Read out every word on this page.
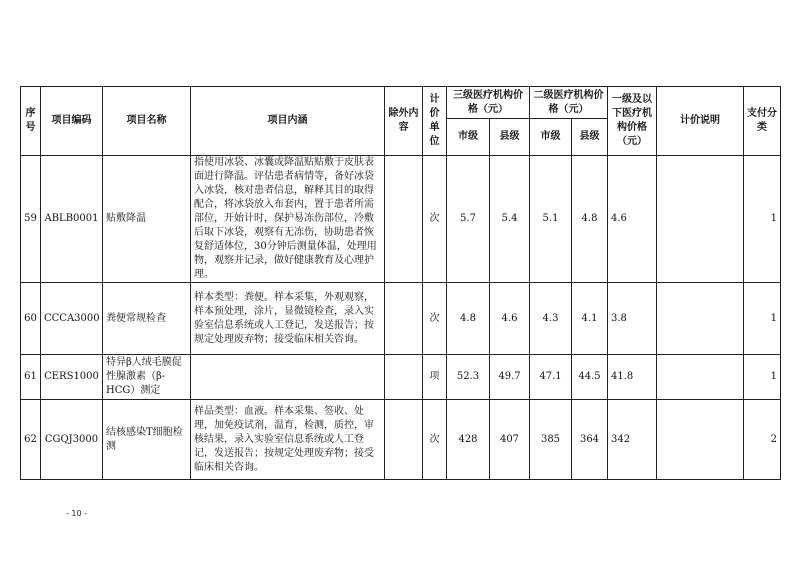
序号	项目编码	项目名称	项目内涵	除外内容	计价单位	三级医疗机构价格（元）		二级医疗机构价格（元）		一级及以下医疗机构价格（元）	计价说明	支付分类
						市级	县级	市级	县级			
59	ABLB0001	贴敷降温	指使用冰袋、冰囊或降温贴贴敷于皮肤表面进行降温。评估患者病情等，备好冰袋入冰袋，核对患者信息，解释其目的取得配合，将冰袋放入布套内，置于患者所需部位，开始计时，保护易冻伤部位，冷敷后取下冰袋，观察有无冻伤，协助患者恢复舒适体位，30分钟后测量体温，处理用物，观察并记录，做好健康教育及心理护理。		次	5.7	5.4	5.1	4.8	4.6		1
60	CCCA3000	粪便常规检查	样本类型：粪便。样本采集，外观观察，样本预处理，涂片，显微镜检查，录入实验室信息系统或人工登记，发送报告；按规定处理废弃物；接受临床相关咨询。		次	4.8	4.6	4.3	4.1	3.8		1
61	CERS1000	特异β人绒毛膜促性腺激素（β-HCG）测定			项	52.3	49.7	47.1	44.5	41.8		1
62	CGQJ3000	结核感染T细胞检测	样品类型：血液。样本采集、签收、处理，加免疫试剂，温育，检测，质控，审核结果，录入实验室信息系统或人工登记，发送报告；按规定处理废弃物；接受临床相关咨询。		次	428	407	385	364	342		2
- 10 -
